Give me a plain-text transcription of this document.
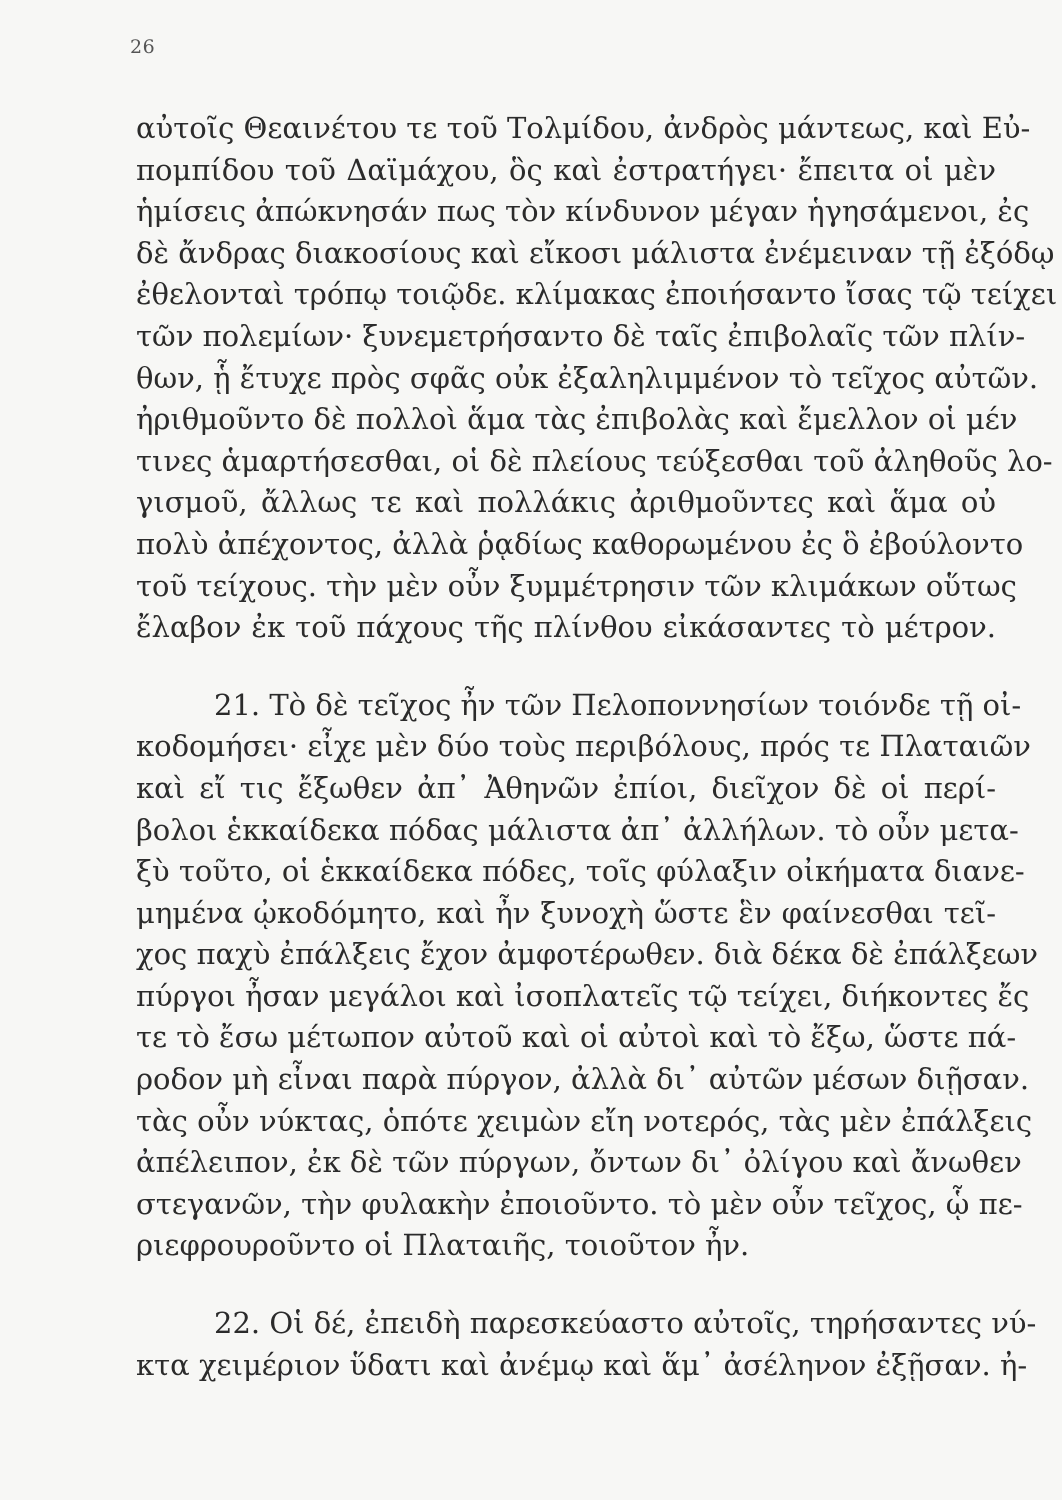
26
αὐτοῖς Θεαινέτου τε τοῦ Τολμίδου, ἀνδρὸς μάντεως, καὶ Εὐ-
πομπίδου τοῦ Δαϊμάχου, ὃς καὶ ἐστρατήγει· ἔπειτα οἱ μὲν
ἡμίσεις ἀπώκνησάν πως τὸν κίνδυνον μέγαν ἡγησάμενοι, ἐς
δὲ ἄνδρας διακοσίους καὶ εἴκοσι μάλιστα ἐνέμειναν τῇ ἐξόδῳ
ἐθελονταὶ τρόπῳ τοιῷδε. κλίμακας ἐποιήσαντο ἴσας τῷ τείχει
τῶν πολεμίων· ξυνεμετρήσαντο δὲ ταῖς ἐπιβολαῖς τῶν πλίν-
θων, ᾗ ἔτυχε πρὸς σφᾶς οὐκ ἐξαληλιμμένον τὸ τεῖχος αὐτῶν.
ἠριθμοῦντο δὲ πολλοὶ ἅμα τὰς ἐπιβολὰς καὶ ἔμελλον οἱ μέν
τινες ἁμαρτήσεσθαι, οἱ δὲ πλείους τεύξεσθαι τοῦ ἀληθοῦς λο-
γισμοῦ, ἄλλως τε καὶ πολλάκις ἀριθμοῦντες καὶ ἅμα οὐ
πολὺ ἀπέχοντος, ἀλλὰ ῥᾳδίως καθορωμένου ἐς ὃ ἐβούλοντο
τοῦ τείχους. τὴν μὲν οὖν ξυμμέτρησιν τῶν κλιμάκων οὕτως
ἔλαβον ἐκ τοῦ πάχους τῆς πλίνθου εἰκάσαντες τὸ μέτρον.
21. Τὸ δὲ τεῖχος ἦν τῶν Πελοποννησίων τοιόνδε τῇ οἰ-
κοδομήσει· εἶχε μὲν δύο τοὺς περιβόλους, πρός τε Πλαταιῶν
καὶ εἴ τις ἔξωθεν ἀπ᾽ Ἀθηνῶν ἐπίοι, διεῖχον δὲ οἱ περί-
βολοι ἑκκαίδεκα πόδας μάλιστα ἀπ᾽ ἀλλήλων. τὸ οὖν μετα-
ξὺ τοῦτο, οἱ ἑκκαίδεκα πόδες, τοῖς φύλαξιν οἰκήματα διανε-
μημένα ᾠκοδόμητο, καὶ ἦν ξυνοχὴ ὥστε ἓν φαίνεσθαι τεῖ-
χος παχὺ ἐπάλξεις ἔχον ἀμφοτέρωθεν. διὰ δέκα δὲ ἐπάλξεων
πύργοι ἦσαν μεγάλοι καὶ ἰσοπλατεῖς τῷ τείχει, διήκοντες ἔς
τε τὸ ἔσω μέτωπον αὐτοῦ καὶ οἱ αὐτοὶ καὶ τὸ ἔξω, ὥστε πά-
ροδον μὴ εἶναι παρὰ πύργον, ἀλλὰ δι᾽ αὐτῶν μέσων διῇσαν.
τὰς οὖν νύκτας, ὁπότε χειμὼν εἴη νοτερός, τὰς μὲν ἐπάλξεις
ἀπέλειπον, ἐκ δὲ τῶν πύργων, ὄντων δι᾽ ὀλίγου καὶ ἄνωθεν
στεγανῶν, τὴν φυλακὴν ἐποιοῦντο. τὸ μὲν οὖν τεῖχος, ᾧ πε-
ριεφρουροῦντο οἱ Πλαταιῆς, τοιοῦτον ἦν.
22. Οἱ δέ, ἐπειδὴ παρεσκεύαστο αὐτοῖς, τηρήσαντες νύ-
κτα χειμέριον ὕδατι καὶ ἀνέμῳ καὶ ἅμ᾽ ἀσέληνον ἐξῇσαν. ἠ-
